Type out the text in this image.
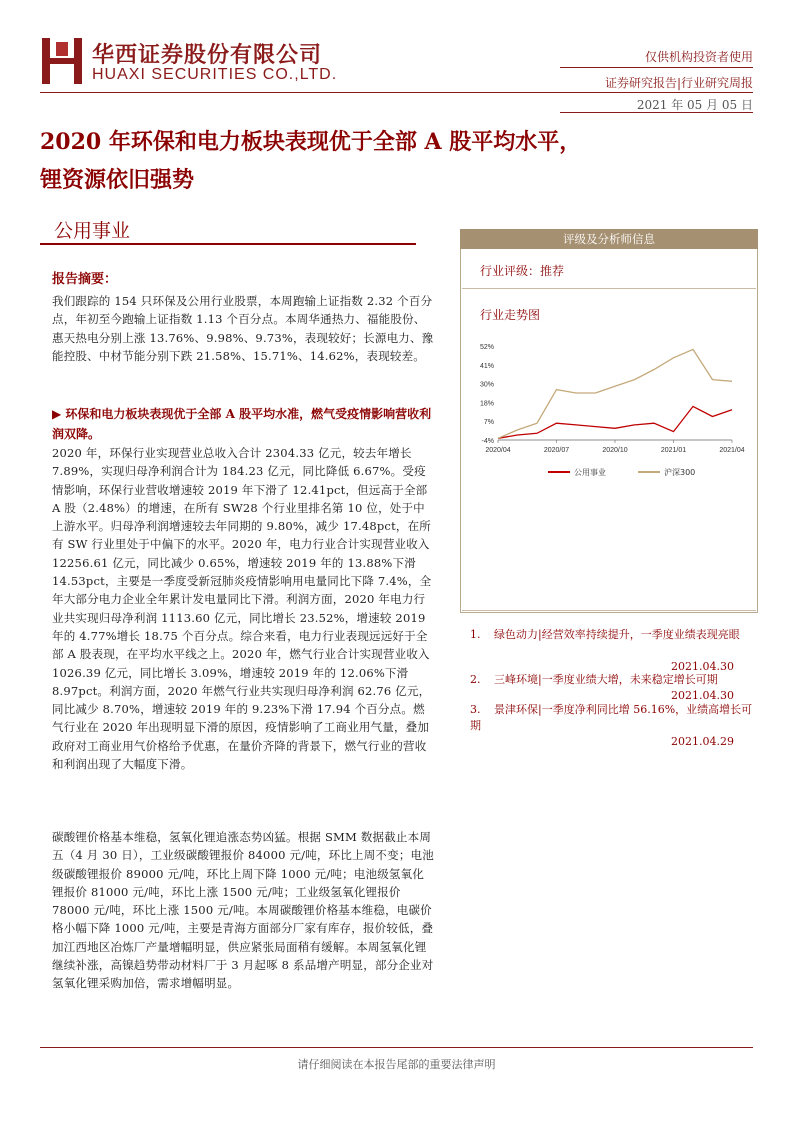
华西证券股份有限公司
HUAXI SECURITIES CO.,LTD.
仅供机构投资者使用
证券研究报告|行业研究周报
2021 年 05 月 05 日
2020 年环保和电力板块表现优于全部 A 股平均水平，
锂资源依旧强势
公用事业
报告摘要：

我们跟踪的 154 只环保及公用行业股票，本周跑输上证指数 2.32 个百分点，年初至今跑输上证指数 1.13 个百分点。本周华通热力、福能股份、惠天热电分别上涨 13.76%、9.98%、9.73%，表现较好；长源电力、豫能控股、中材节能分别下跌 21.58%、15.71%、14.62%，表现较差。

▶ 环保和电力板块表现优于全部 A 股平均水准，燃气受疫情影响营收利润双降。

2020 年，环保行业实现营业总收入合计 2304.33 亿元，较去年增长 7.89%，实现归母净利润合计为 184.23 亿元，同比降低 6.67%。受疫情影响，环保行业营收增速较 2019 年下滑了 12.41pct，但远高于全部 A 股（2.48%）的增速，在所有 SW28 个行业里排名第 10 位，处于中上游水平。归母净利润增速较去年同期的 9.80%，减少 17.48pct，在所有 SW 行业里处于中偏下的水平。2020 年，电力行业合计实现营业收入 12256.61 亿元，同比减少 0.65%，增速较 2019 年的 13.88%下滑 14.53pct，主要是一季度受新冠肺炎疫情影响用电量同比下降 7.4%，全年大部分电力企业全年累计发电量同比下滑。利润方面，2020 年电力行业共实现归母净利润 1113.60 亿元，同比增长 23.52%，增速较 2019 年的 4.77%增长 18.75 个百分点。综合来看，电力行业表现远远好于全部 A 股表现，在平均水平线之上。2020 年，燃气行业合计实现营业收入 1026.39 亿元，同比增长 3.09%，增速较 2019 年的 12.06%下滑 8.97pct。利润方面，2020 年燃气行业共实现归母净利润 62.76 亿元，同比减少 8.70%，增速较 2019 年的 9.23%下滑 17.94 个百分点。燃气行业在 2020 年出现明显下滑的原因，疫情影响了工商业用气量，叠加政府对工商业用气价格给予优惠，在量价齐降的背景下，燃气行业的营收和利润出现了大幅度下滑。

碳酸锂价格基本维稳，氢氧化锂追涨态势凶猛。根据 SMM 数据截止本周五（4 月 30 日），工业级碳酸锂报价 84000 元/吨，环比上周不变；电池级碳酸锂报价 89000 元/吨，环比上周下降 1000 元/吨；电池级氢氧化锂报价 81000 元/吨，环比上涨 1500 元/吨；工业级氢氧化锂报价 78000 元/吨，环比上涨 1500 元/吨。本周碳酸锂价格基本维稳，电碳价格小幅下降 1000 元/吨，主要是青海方面部分厂家有库存，报价较低，叠加江西地区冶炼厂产量增幅明显，供应紧张局面稍有缓解。本周氢氧化锂继续补涨，高镍趋势带动材料厂于 3 月起啄 8 系品增产明显，部分企业对氢氧化锂采购加倍，需求增幅明显。

评级及分析师信息
行业评级：推荐
行业走势图
52%
41%
30%
18%
7%
-4%
2020/04	2020/07	2020/10	2021/01	2021/04
公用事业	沪深300
1. 绿色动力|经营效率持续提升，一季度业绩表现亮眼
2021.04.30
2. 三峰环境|一季度业绩大增，未来稳定增长可期
2021.04.30
3. 景津环保|一季度净利同比增 56.16%，业绩高增长可期
2021.04.29
请仔细阅读在本报告尾部的重要法律声明
